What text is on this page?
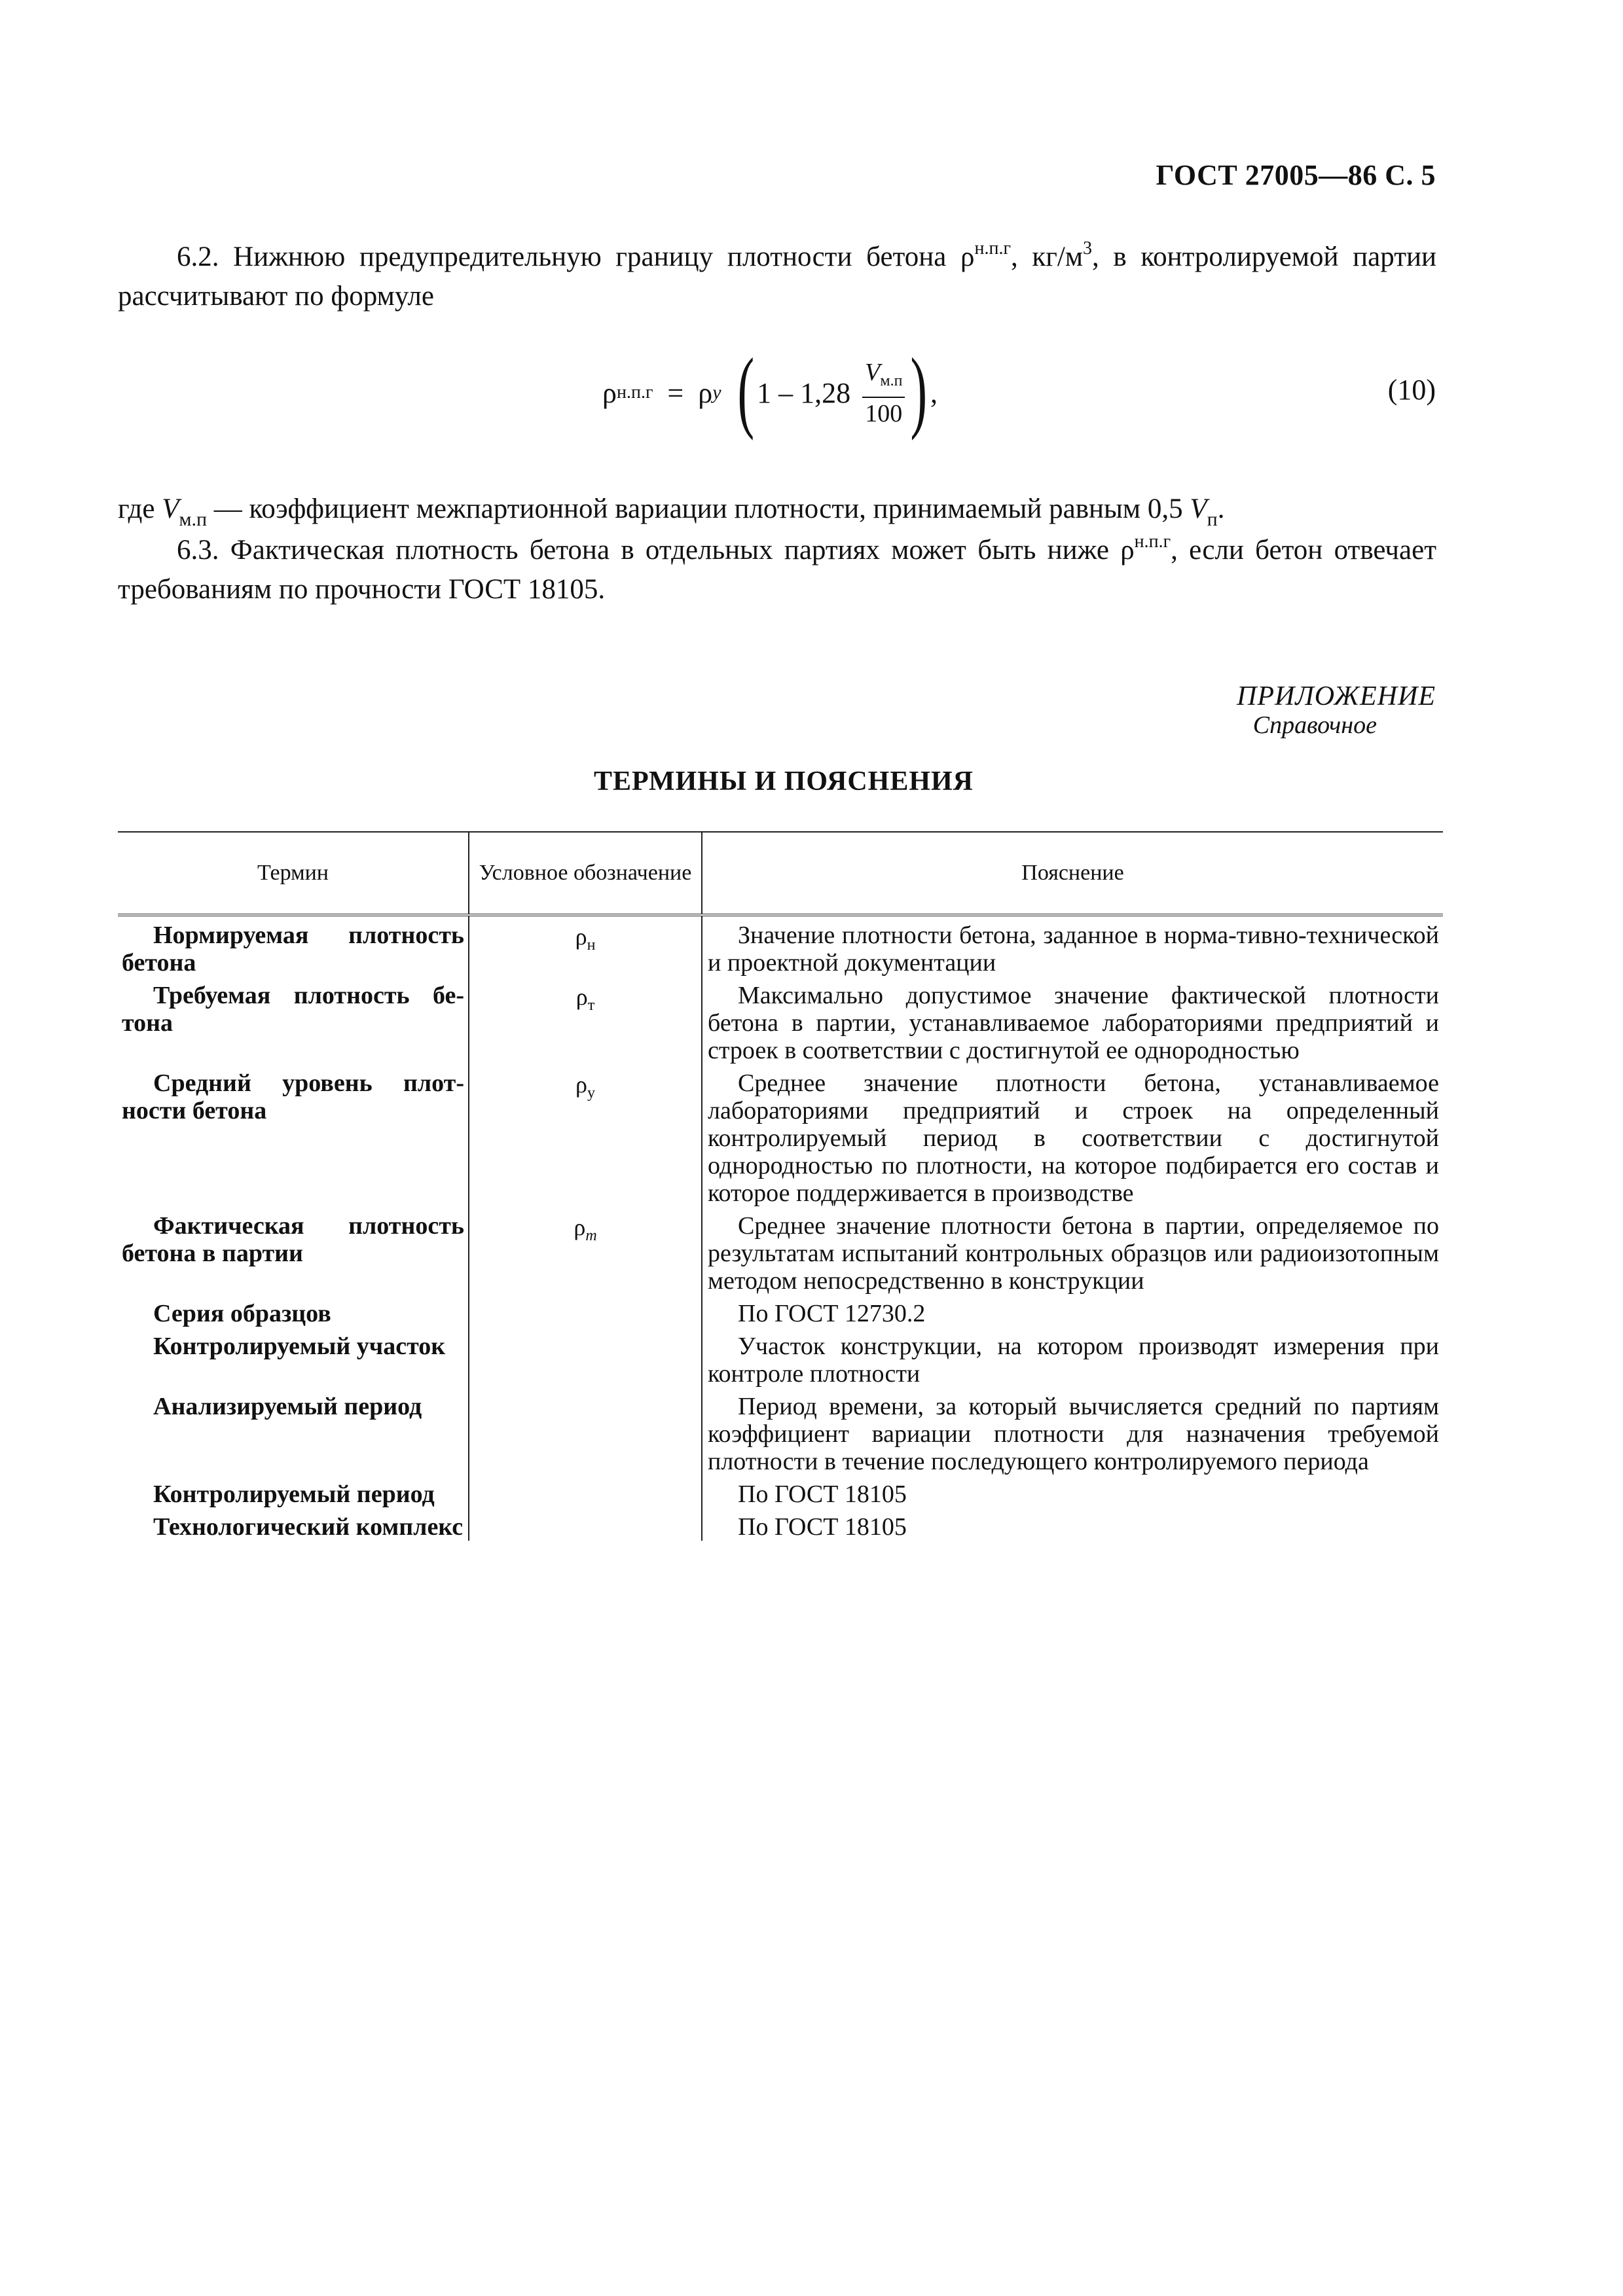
ГОСТ 27005—86 С. 5
6.2. Нижнюю предупредительную границу плотности бетона $\rho^{н.п.г}$, $кг/м^3$, в контролируемой партии рассчитывают по формуле
ρ н.п.г = ρ у ( $1 - 1,28 \frac{V_{м.п}}{100}$ ) ,	(10)
где $V_{м.п}$ — коэффициент межпартионной вариации плотности, принимаемый равным 0,5 $V_п$.
6.3. Фактическая плотность бетона в отдельных партиях может быть ниже $\rho^{н.п.г}$, если бетон отвечает требованиям по прочности ГОСТ 18105.
ПРИЛОЖЕНИЕ
Справочное
ТЕРМИНЫ И ПОЯСНЕНИЯ
Термин	Условное обозначение	Пояснение

Нормируемая плотность бетона	$\rho_н$	Значение плотности бетона, заданное в норма-тивно-технической и проектной документации

Требуемая плотность бе-тона	$\rho_т$	Максимально допустимое значение фактической плотности бетона в партии, устанавливаемое лабораториями предприятий и строек в соответствии с достигнутой ее однородностью

Средний уровень плот-ности бетона	$\rho_у$	Среднее значение плотности бетона, устанавливаемое лабораториями предприятий и строек на определенный контролируемый период в соответствии с достигнутой однородностью по плотности, на которое подбирается его состав и которое поддерживается в производстве

Фактическая плотность бетона в партии	$\rho_m$	Среднее значение плотности бетона в партии, определяемое по результатам испытаний контрольных образцов или радиоизотопным методом непосредственно в конструкции

Серия образцов		По ГОСТ 12730.2

Контролируемый участок		Участок конструкции, на котором производят измерения при контроле плотности

Анализируемый период		Период времени, за который вычисляется средний по партиям коэффициент вариации плотности для назначения требуемой плотности в течение последующего контролируемого периода

Контролируемый период		По ГОСТ 18105

Технологический комплекс		По ГОСТ 18105
